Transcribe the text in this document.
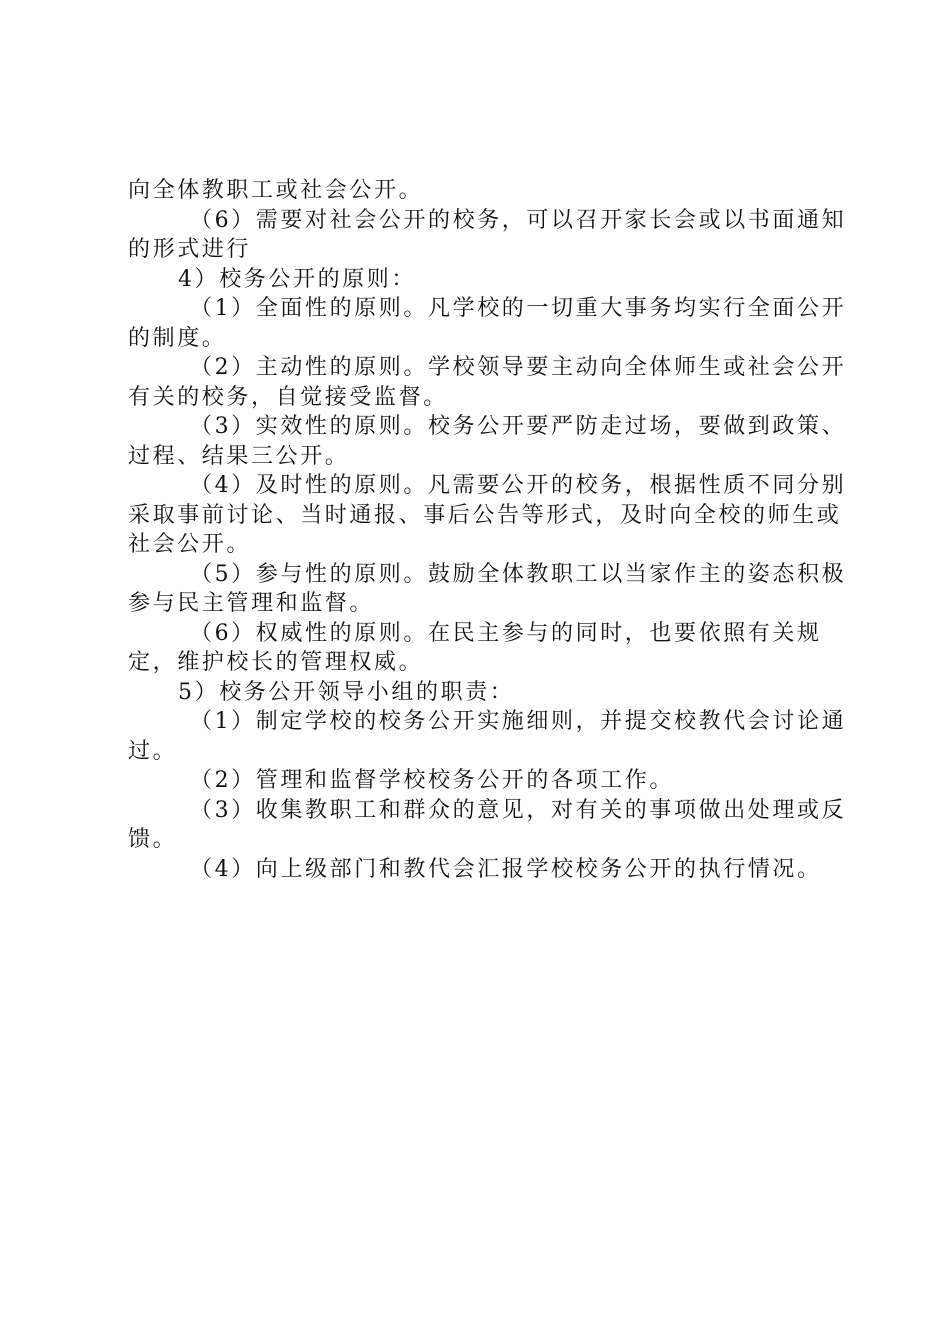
向全体教职工或社会公开。

（6）需要对社会公开的校务，可以召开家长会或以书面通知的形式进行

4）校务公开的原则：

（1）全面性的原则。凡学校的一切重大事务均实行全面公开的制度。

（2）主动性的原则。学校领导要主动向全体师生或社会公开有关的校务，自觉接受监督。

（3）实效性的原则。校务公开要严防走过场，要做到政策、过程、结果三公开。

（4）及时性的原则。凡需要公开的校务，根据性质不同分别采取事前讨论、当时通报、事后公告等形式，及时向全校的师生或社会公开。

（5）参与性的原则。鼓励全体教职工以当家作主的姿态积极参与民主管理和监督。

（6）权威性的原则。在民主参与的同时，也要依照有关规定，维护校长的管理权威。

5）校务公开领导小组的职责：

（1）制定学校的校务公开实施细则，并提交校教代会讨论通过。

（2）管理和监督学校校务公开的各项工作。

（3）收集教职工和群众的意见，对有关的事项做出处理或反馈。

（4）向上级部门和教代会汇报学校校务公开的执行情况。
